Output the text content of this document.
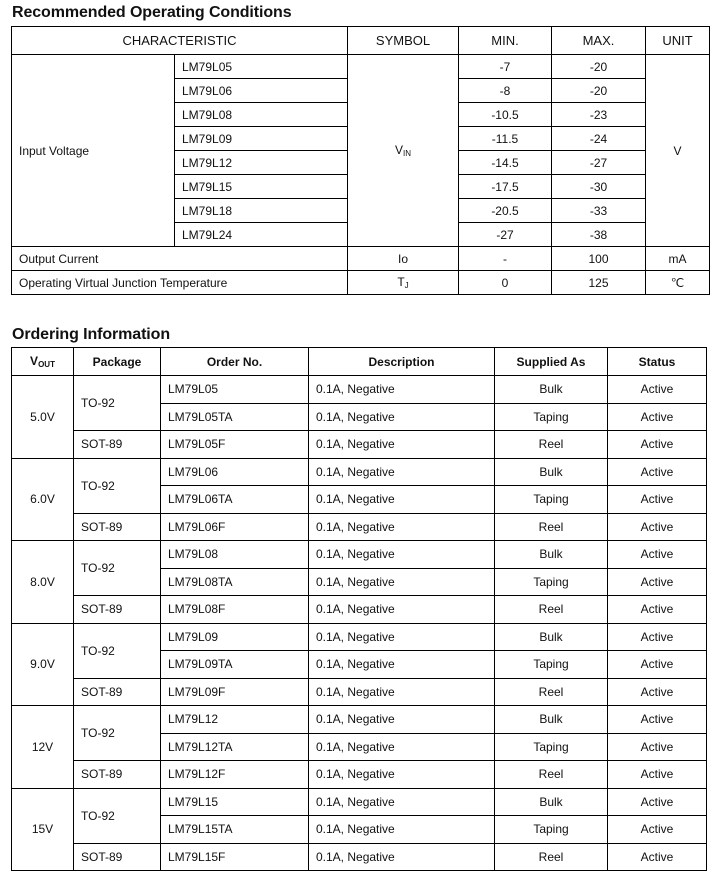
Recommended Operating Conditions
CHARACTERISTIC		SYMBOL	MIN.	MAX.	UNIT
Input Voltage	LM79L05	$V_{IN}$	-7	-20	V
	LM79L06		-8	-20	
	LM79L08		-10.5	-23	
	LM79L09		-11.5	-24	
	LM79L12		-14.5	-27	
	LM79L15		-17.5	-30	
	LM79L18		-20.5	-33	
	LM79L24		-27	-38	
Output Current		Io	-	100	mA
Operating Virtual Junction Temperature		$T_J$	0	125	℃
Ordering Information
$V_{OUT}$	Package	Order No.	Description	Supplied As	Status
5.0V	TO-92	LM79L05	0.1A, Negative	Bulk	Active
		LM79L05TA	0.1A, Negative	Taping	Active
	SOT-89	LM79L05F	0.1A, Negative	Reel	Active
6.0V	TO-92	LM79L06	0.1A, Negative	Bulk	Active
		LM79L06TA	0.1A, Negative	Taping	Active
	SOT-89	LM79L06F	0.1A, Negative	Reel	Active
8.0V	TO-92	LM79L08	0.1A, Negative	Bulk	Active
		LM79L08TA	0.1A, Negative	Taping	Active
	SOT-89	LM79L08F	0.1A, Negative	Reel	Active
9.0V	TO-92	LM79L09	0.1A, Negative	Bulk	Active
		LM79L09TA	0.1A, Negative	Taping	Active
	SOT-89	LM79L09F	0.1A, Negative	Reel	Active
12V	TO-92	LM79L12	0.1A, Negative	Bulk	Active
		LM79L12TA	0.1A, Negative	Taping	Active
	SOT-89	LM79L12F	0.1A, Negative	Reel	Active
15V	TO-92	LM79L15	0.1A, Negative	Bulk	Active
		LM79L15TA	0.1A, Negative	Taping	Active
	SOT-89	LM79L15F	0.1A, Negative	Reel	Active
